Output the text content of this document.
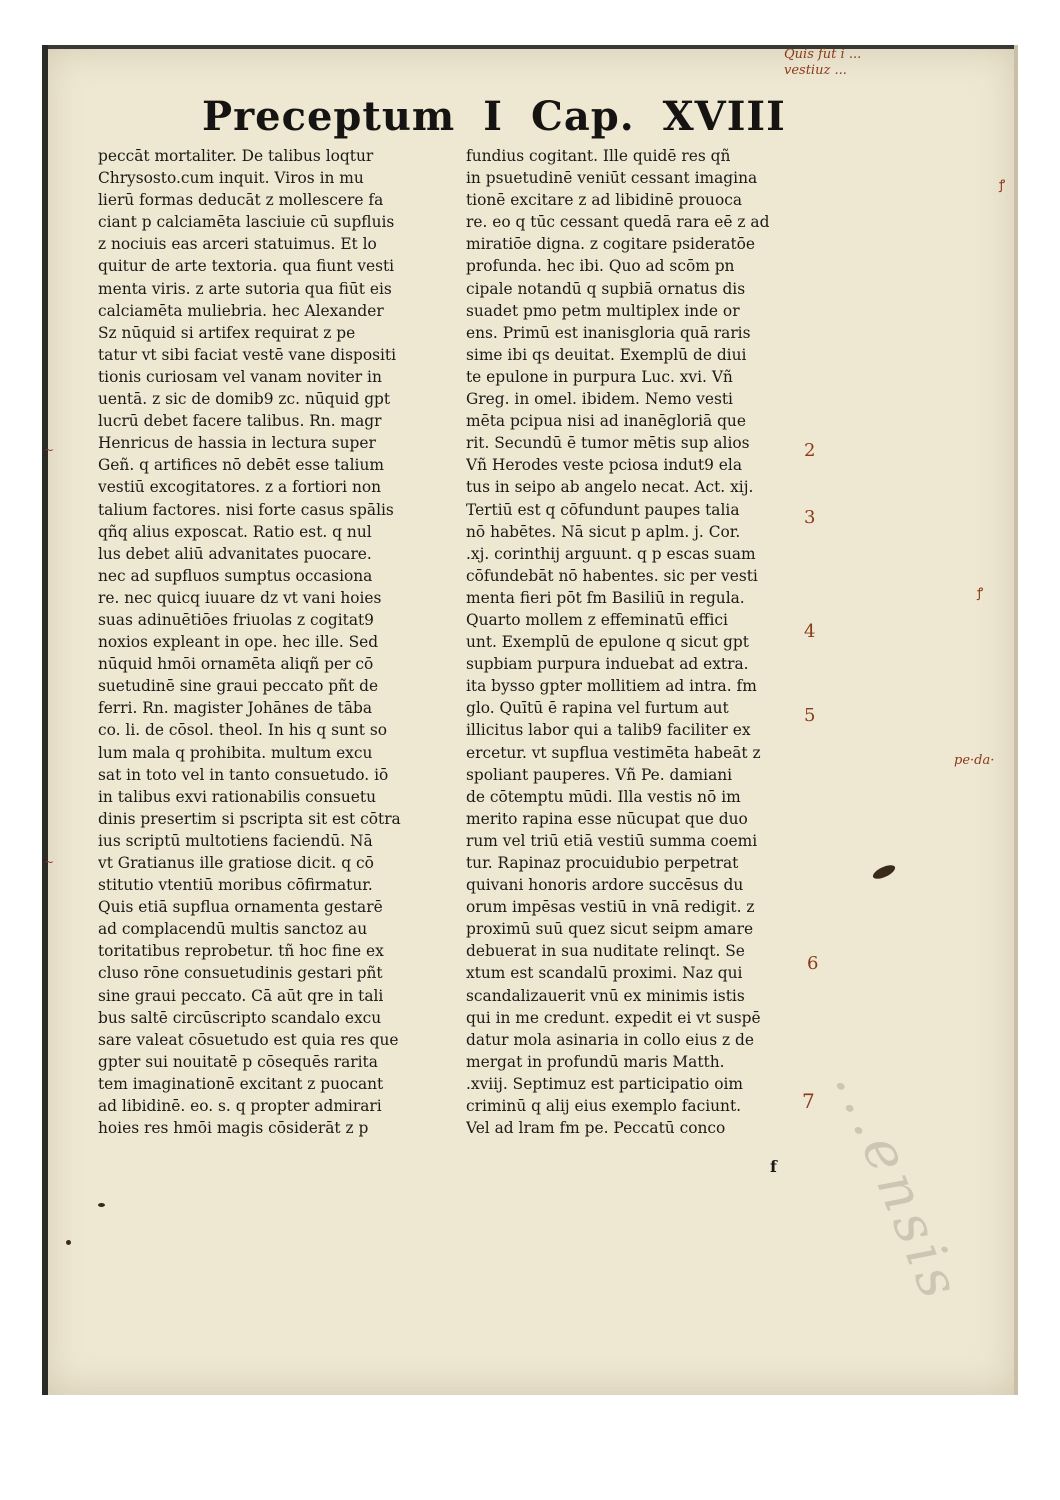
Preceptum I Cap. XVIII
peccāt mortaliter. De talibus loqtur
Chrysosto.cum inquit. Viros in mu
lierū formas deducāt z mollescere fa
ciant p calciamēta lasciuie cū supfluis
z nociuis eas arceri statuimus. Et lo
quitur de arte textoria. qua fiunt vesti
menta viris. z arte sutoria qua fiūt eis
calciamēta muliebria. hec Alexander
Sz nūquid si artifex requirat z pe
tatur vt sibi faciat vestē vane dispositi
tionis curiosam vel vanam noviter in
uentā. z sic de domib9 zc. nūquid gpt
lucrū debet facere talibus. Rn. magr
Henricus de hassia in lectura super
Geñ. q artifices nō debēt esse talium
vestiū excogitatores. z a fortiori non
talium factores. nisi forte casus spālis
qñq alius exposcat. Ratio est. q nul
lus debet aliū advanitates puocare.
nec ad supfluos sumptus occasiona
re. nec quicq iuuare dz vt vani hoies
suas adinuētiōes friuolas z cogitat9
noxios expleant in ope. hec ille. Sed
nūquid hmōi ornamēta aliqñ per cō
suetudinē sine graui peccato pñt de
ferri. Rn. magister Johānes de tāba
co. li. de cōsol. theol. In his q sunt so
lum mala q prohibita. multum excu
sat in toto vel in tanto consuetudo. iō
in talibus exvi rationabilis consuetu
dinis presertim si pscripta sit est cōtra
ius scriptū multotiens faciendū. Nā
vt Gratianus ille gratiose dicit. q cō
stitutio vtentiū moribus cōfirmatur.
Quis etiā supflua ornamenta gestarē
ad complacendū multis sanctoz au
toritatibus reprobetur. tñ hoc fine ex
cluso rōne consuetudinis gestari pñt
sine graui peccato. Cā aūt qre in tali
bus saltē circūscripto scandalo excu
sare valeat cōsuetudo est quia res que
gpter sui nouitatē p cōsequēs rarita
tem imaginationē excitant z puocant
ad libidinē. eo. s. q propter admirari
hoies res hmōi magis cōsiderāt z p
fundius cogitant. Ille quidē res qñ
in psuetudinē veniūt cessant imagina
tionē excitare z ad libidinē prouoca
re. eo q tūc cessant quedā rara eē z ad
miratiōe digna. z cogitare psideratōe
profunda. hec ibi. Quo ad scōm pn
cipale notandū q supbiā ornatus dis
suadet pmo petm multiplex inde or
ens. Primū est inanisgloria quā raris
sime ibi qs deuitat. Exemplū de diui
te epulone in purpura Luc. xvi. Vñ
Greg. in omel. ibidem. Nemo vesti
mēta pcipua nisi ad inanēgloriā que
rit. Secundū ē tumor mētis sup alios
Vñ Herodes veste pciosa indut9 ela
tus in seipo ab angelo necat. Act. xij.
Tertiū est q cōfundunt paupes talia
nō habētes. Nā sicut p aplm. j. Cor.
.xj. corinthij arguunt. q p escas suam
cōfundebāt nō habentes. sic per vesti
menta fieri pōt fm Basiliū in regula.
Quarto mollem z effeminatū effici
unt. Exemplū de epulone q sicut gpt
supbiam purpura induebat ad extra.
ita bysso gpter mollitiem ad intra. fm
glo. Quītū ē rapina vel furtum aut
illicitus labor qui a talib9 faciliter ex
ercetur. vt supflua vestimēta habeāt z
spoliant pauperes. Vñ Pe. damiani
de cōtemptu mūdi. Illa vestis nō im
merito rapina esse nūcupat que duo
rum vel triū etiā vestiū summa coemi
tur. Rapinaz procuidubio perpetrat
quivani honoris ardore succēsus du
orum impēsas vestiū in vnā redigit. z
proximū suū quez sicut seipm amare
debuerat in sua nuditate relinqt. Se
xtum est scandalū proximi. Naz qui
scandalizauerit vnū ex minimis istis
qui in me credunt. expedit ei vt suspē
datur mola asinaria in collo eius z de
mergat in profundū maris Matth.
.xviij. Septimuz est participatio oim
criminū q alij eius exemplo faciunt.
Vel ad lram fm pe. Peccatū conco
f
Quis fut i ...
vestiuz ...
2
3
4
5
6
7
pe·da·
ꝭ
ꝭ
~
~
...ensis
